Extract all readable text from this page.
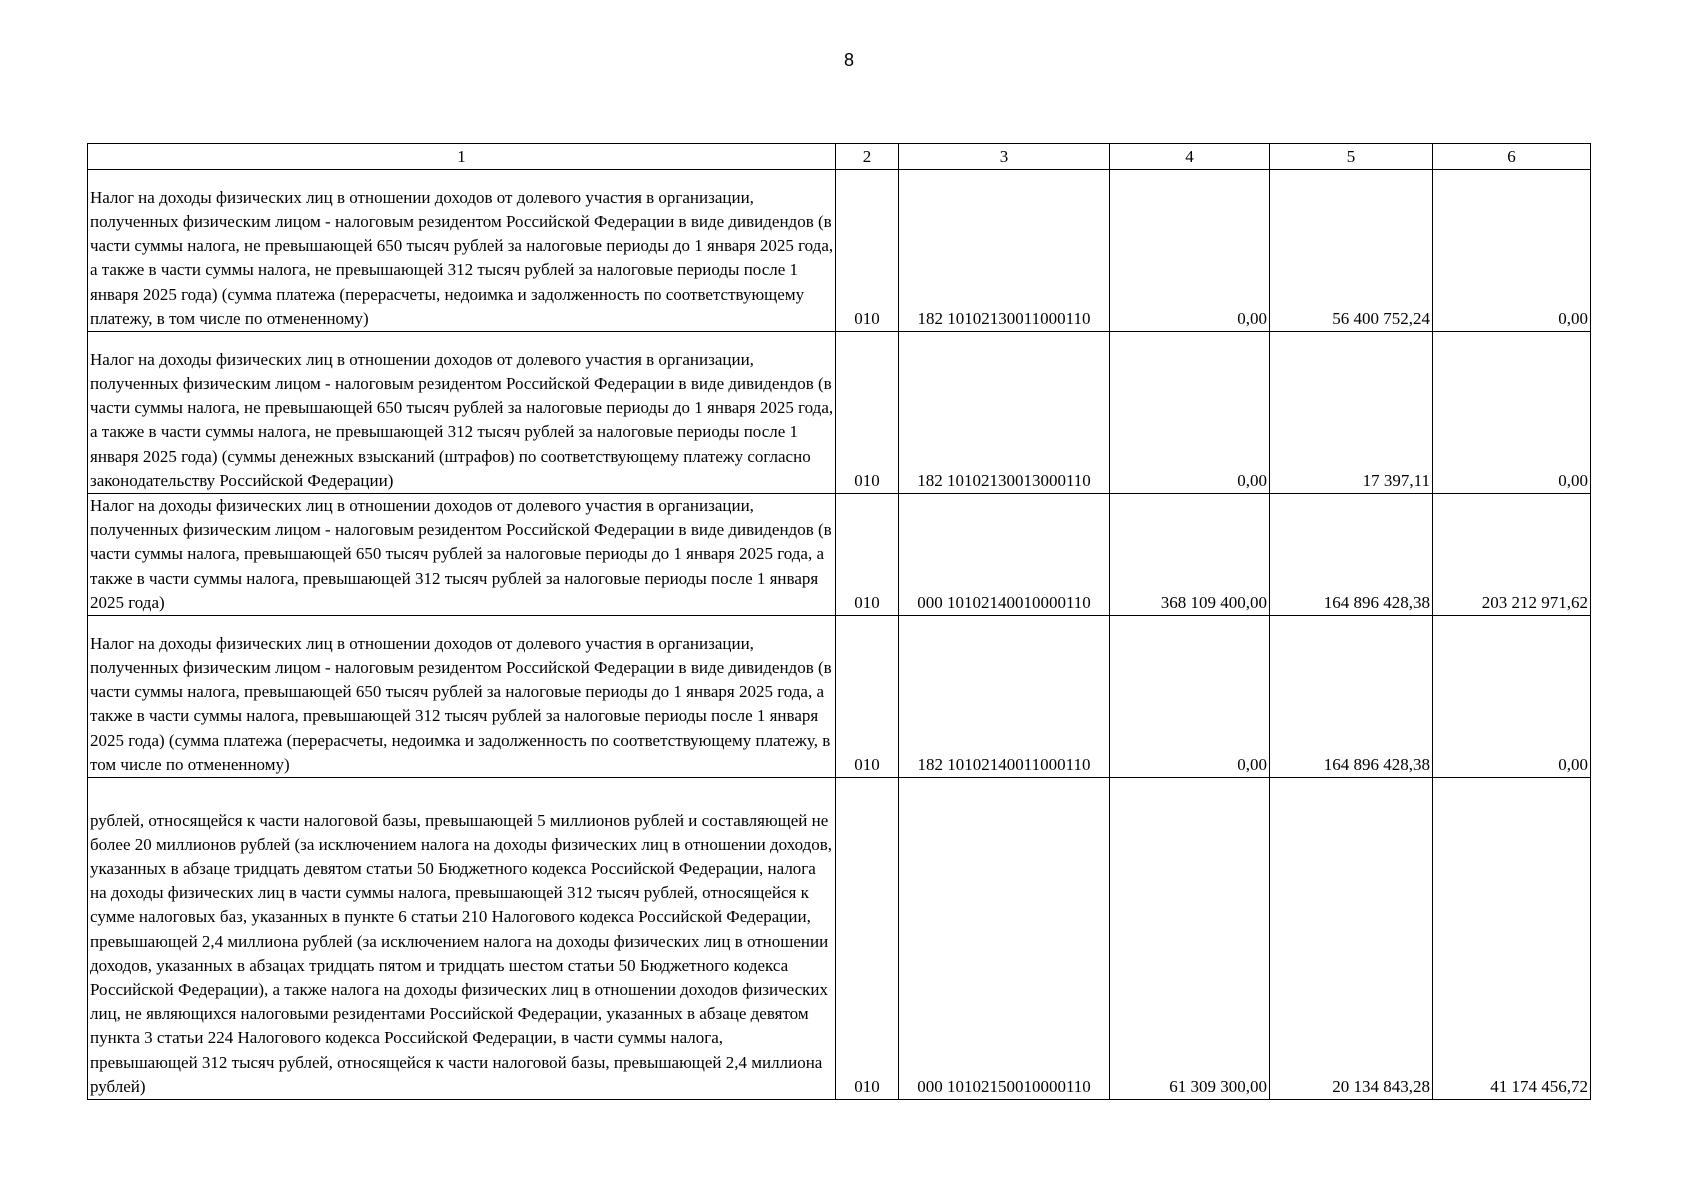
8
1	2	3	4	5	6
Налог на доходы физических лиц в отношении доходов от долевого участия в организации, полученных физическим лицом - налоговым резидентом Российской Федерации в виде дивидендов (в части суммы налога, не превышающей 650 тысяч рублей за налоговые периоды до 1 января 2025 года, а также в части суммы налога, не превышающей 312 тысяч рублей за налоговые периоды после 1 января 2025 года) (сумма платежа (перерасчеты, недоимка и задолженность по соответствующему платежу, в том числе по отмененному)	010	182 10102130011000110	0,00	56 400 752,24	0,00
Налог на доходы физических лиц в отношении доходов от долевого участия в организации, полученных физическим лицом - налоговым резидентом Российской Федерации в виде дивидендов (в части суммы налога, не превышающей 650 тысяч рублей за налоговые периоды до 1 января 2025 года, а также в части суммы налога, не превышающей 312 тысяч рублей за налоговые периоды после 1 января 2025 года) (суммы денежных взысканий (штрафов) по соответствующему платежу согласно законодательству Российской Федерации)	010	182 10102130013000110	0,00	17 397,11	0,00
Налог на доходы физических лиц в отношении доходов от долевого участия в организации, полученных физическим лицом - налоговым резидентом Российской Федерации в виде дивидендов (в части суммы налога, превышающей 650 тысяч рублей за налоговые периоды до 1 января 2025 года, а также в части суммы налога, превышающей 312 тысяч рублей за налоговые периоды после 1 января 2025 года)	010	000 10102140010000110	368 109 400,00	164 896 428,38	203 212 971,62
Налог на доходы физических лиц в отношении доходов от долевого участия в организации, полученных физическим лицом - налоговым резидентом Российской Федерации в виде дивидендов (в части суммы налога, превышающей 650 тысяч рублей за налоговые периоды до 1 января 2025 года, а также в части суммы налога, превышающей 312 тысяч рублей за налоговые периоды после 1 января 2025 года) (сумма платежа (перерасчеты, недоимка и задолженность по соответствующему платежу, в том числе по отмененному)	010	182 10102140011000110	0,00	164 896 428,38	0,00
рублей, относящейся к части налоговой базы, превышающей 5 миллионов рублей и составляющей не более 20 миллионов рублей (за исключением налога на доходы физических лиц в отношении доходов, указанных в абзаце тридцать девятом статьи 50 Бюджетного кодекса Российской Федерации, налога на доходы физических лиц в части суммы налога, превышающей 312 тысяч рублей, относящейся к сумме налоговых баз, указанных в пункте 6 статьи 210 Налогового кодекса Российской Федерации, превышающей 2,4 миллиона рублей (за исключением налога на доходы физических лиц в отношении доходов, указанных в абзацах тридцать пятом и тридцать шестом статьи 50 Бюджетного кодекса Российской Федерации), а также налога на доходы физических лиц в отношении доходов физических лиц, не являющихся налоговыми резидентами Российской Федерации, указанных в абзаце девятом пункта 3 статьи 224 Налогового кодекса Российской Федерации, в части суммы налога, превышающей 312 тысяч рублей, относящейся к части налоговой базы, превышающей 2,4 миллиона рублей)	010	000 10102150010000110	61 309 300,00	20 134 843,28	41 174 456,72
